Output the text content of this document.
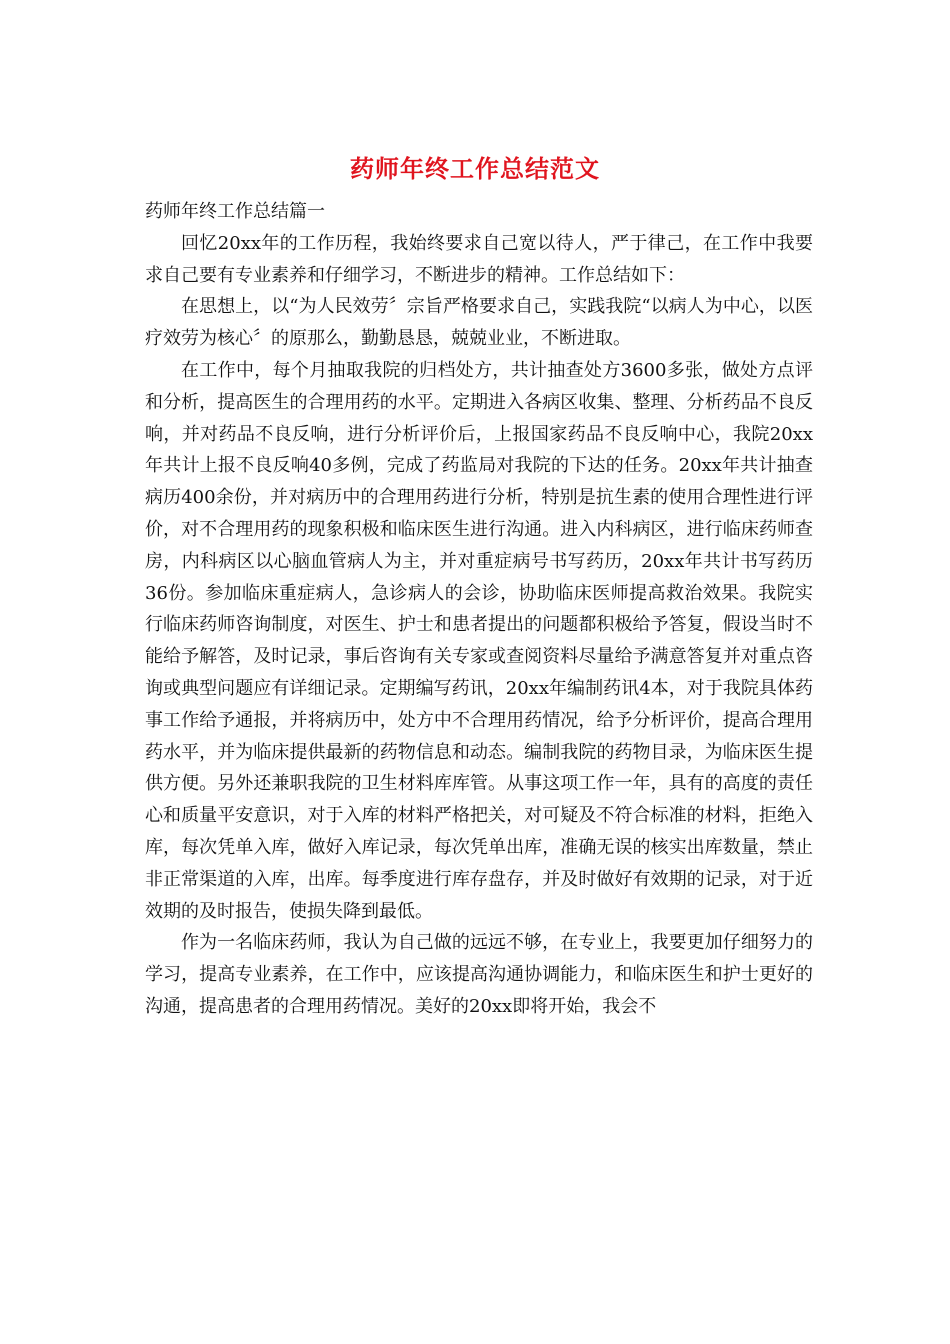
药师年终工作总结范文

药师年终工作总结篇一

回忆20xx年的工作历程，我始终要求自己宽以待人，严于律己，在工作中我要求自己要有专业素养和仔细学习，不断进步的精神。工作总结如下：

在思想上，以“为人民效劳〞宗旨严格要求自己，实践我院“以病人为中心，以医疗效劳为核心〞的原那么，勤勤恳恳，兢兢业业，不断进取。

在工作中，每个月抽取我院的归档处方，共计抽查处方3600多张，做处方点评和分析，提高医生的合理用药的水平。定期进入各病区收集、整理、分析药品不良反响，并对药品不良反响，进行分析评价后，上报国家药品不良反响中心，我院20xx年共计上报不良反响40多例，完成了药监局对我院的下达的任务。20xx年共计抽查病历400余份，并对病历中的合理用药进行分析，特别是抗生素的使用合理性进行评价，对不合理用药的现象积极和临床医生进行沟通。进入内科病区，进行临床药师查房，内科病区以心脑血管病人为主，并对重症病号书写药历，20xx年共计书写药历36份。参加临床重症病人，急诊病人的会诊，协助临床医师提高救治效果。我院实行临床药师咨询制度，对医生、护士和患者提出的问题都积极给予答复，假设当时不能给予解答，及时记录，事后咨询有关专家或查阅资料尽量给予满意答复并对重点咨询或典型问题应有详细记录。定期编写药讯，20xx年编制药讯4本，对于我院具体药事工作给予通报，并将病历中，处方中不合理用药情况，给予分析评价，提高合理用药水平，并为临床提供最新的药物信息和动态。编制我院的药物目录，为临床医生提供方便。另外还兼职我院的卫生材料库库管。从事这项工作一年，具有的高度的责任心和质量平安意识，对于入库的材料严格把关，对可疑及不符合标准的材料，拒绝入库，每次凭单入库，做好入库记录，每次凭单出库，准确无误的核实出库数量，禁止非正常渠道的入库，出库。每季度进行库存盘存，并及时做好有效期的记录，对于近效期的及时报告，使损失降到最低。

作为一名临床药师，我认为自己做的远远不够，在专业上，我要更加仔细努力的学习，提高专业素养，在工作中，应该提高沟通协调能力，和临床医生和护士更好的沟通，提高患者的合理用药情况。美好的20xx即将开始，我会不
